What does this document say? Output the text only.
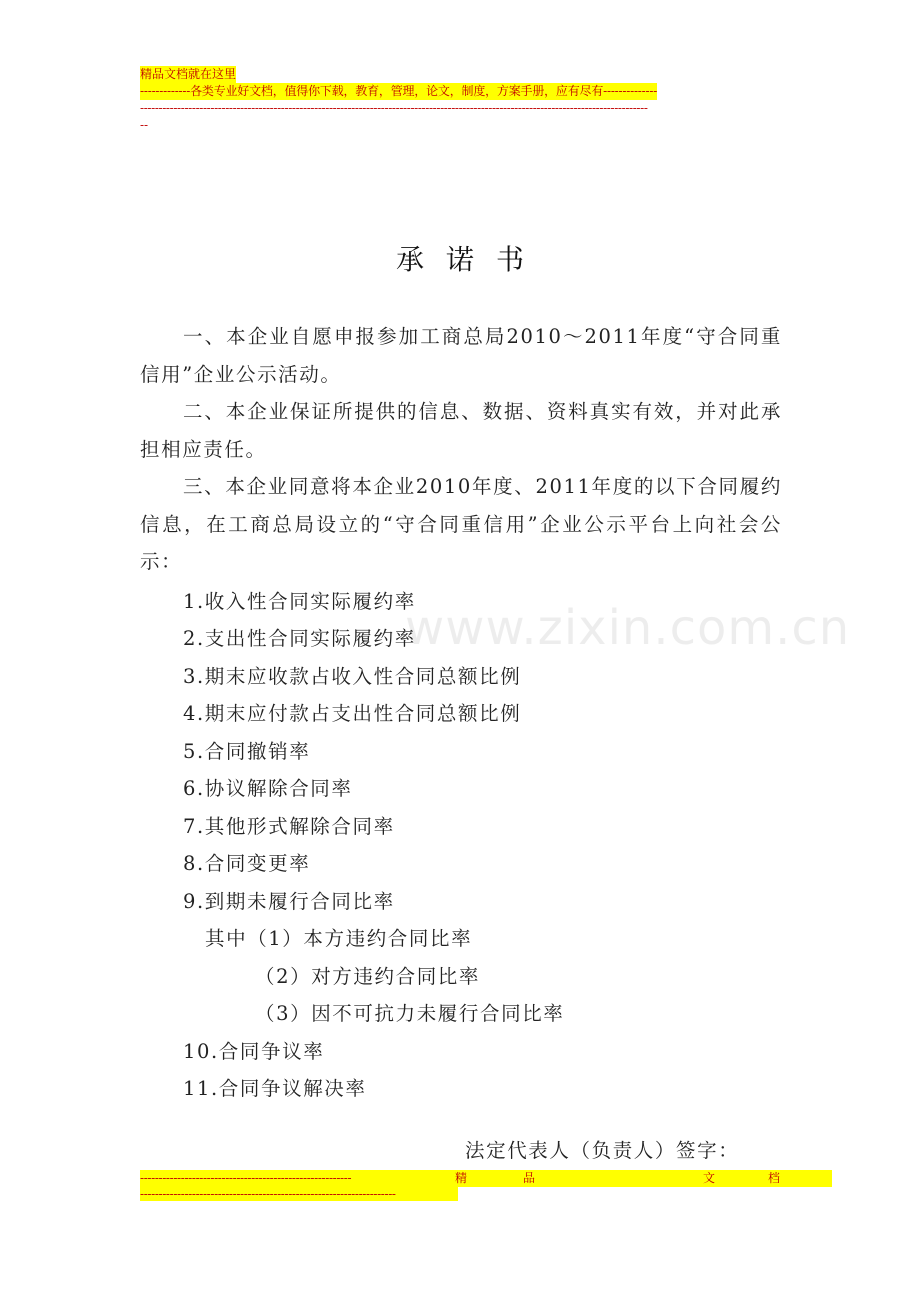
精品文档就在这里
-------------各类专业好文档，值得你下载，教育，管理，论文，制度，方案手册，应有尽有--------------
-----------------------------------------------------------------------------------------------------------------------------------------
--
www.zixin.com.cn
承诺书

一、本企业自愿申报参加工商总局2010～2011年度“守合同重信用”企业公示活动。

二、本企业保证所提供的信息、数据、资料真实有效，并对此承担相应责任。

三、本企业同意将本企业2010年度、2011年度的以下合同履约信息，在工商总局设立的“守合同重信用”企业公示平台上向社会公示：

1.收入性合同实际履约率
2.支出性合同实际履约率
3.期末应收款占收入性合同总额比例
4.期末应付款占支出性合同总额比例
5.合同撤销率
6.协议解除合同率
7.其他形式解除合同率
8.合同变更率
9.到期未履行合同比率
其中（1）本方违约合同比率
（2）对方违约合同比率
（3）因不可抗力未履行合同比率
10.合同争议率
11.合同争议解决率
法定代表人（负责人）签字：
---------------------------------------------------------	精	品	文	档
---------------------------------------------------------------------
